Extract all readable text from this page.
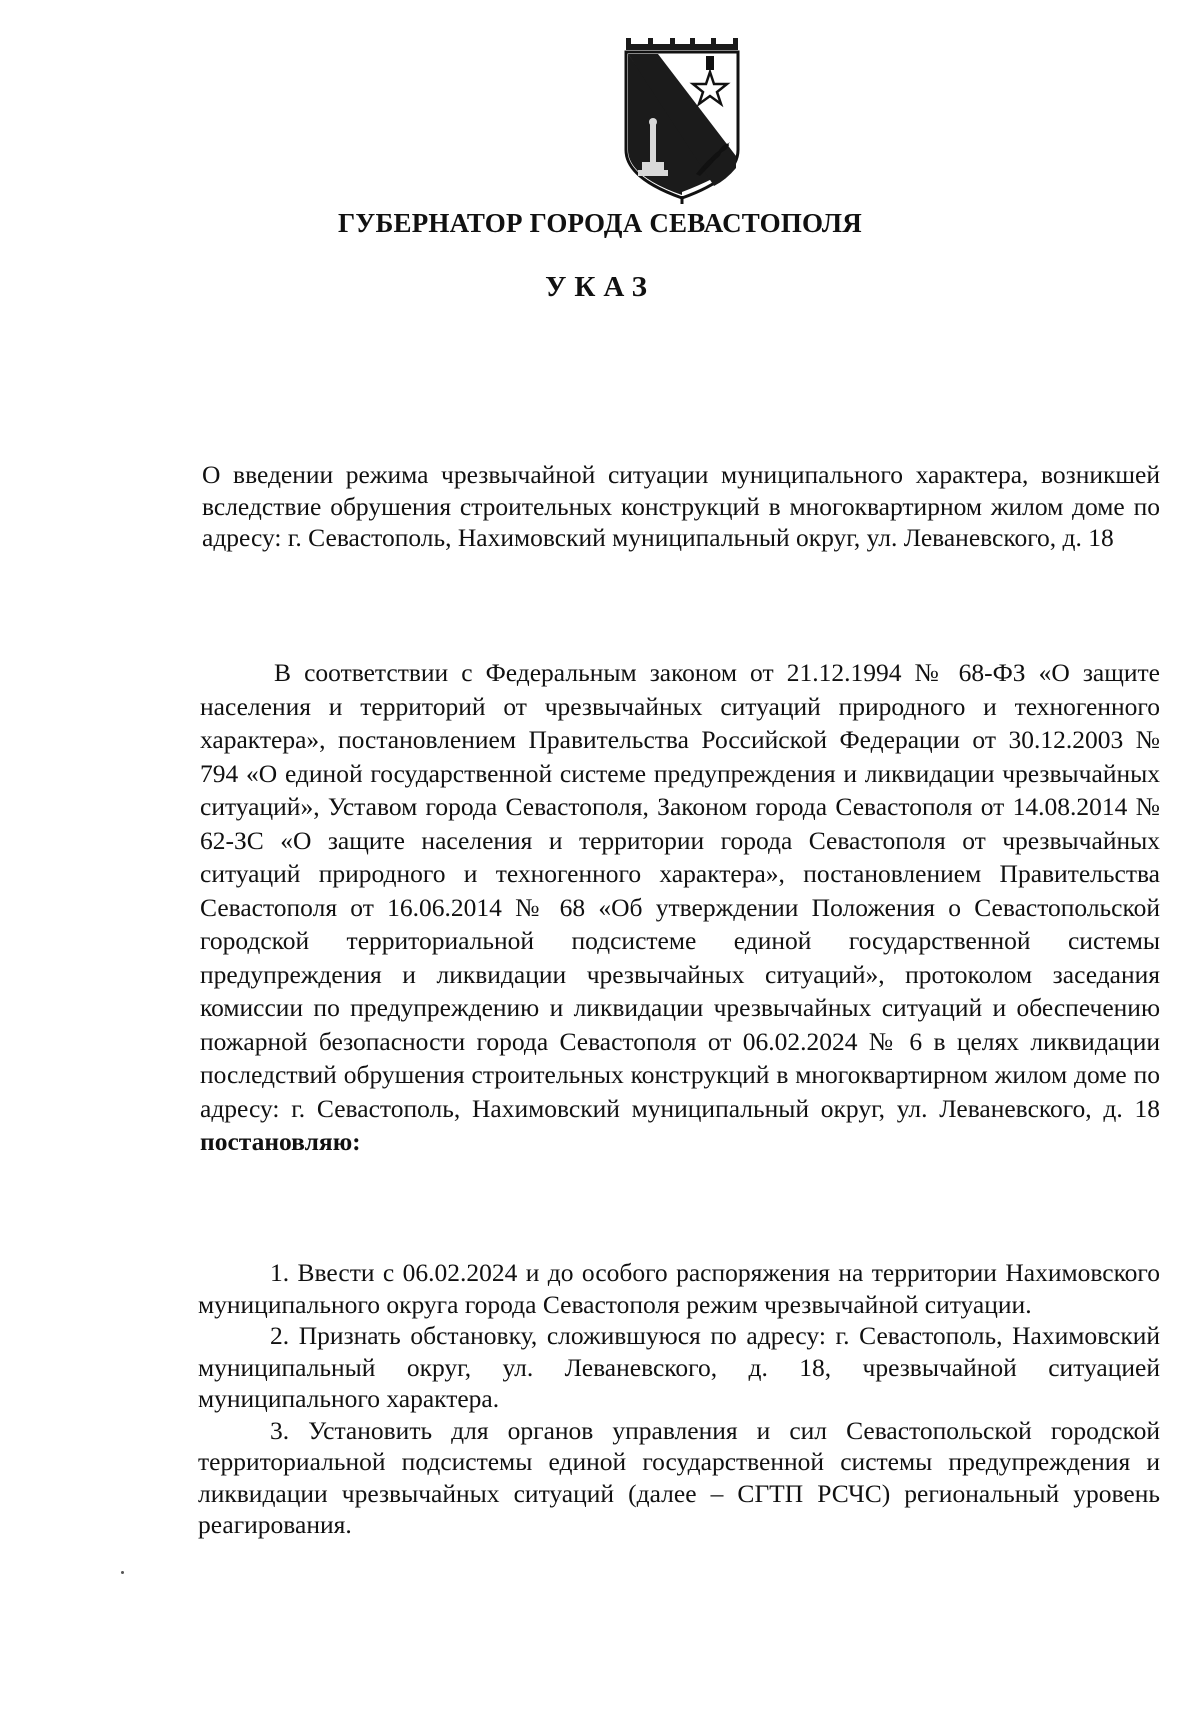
ГУБЕРНАТОР ГОРОДА СЕВАСТОПОЛЯ
УКАЗ
О введении режима чрезвычайной ситуации муниципального характера, возникшей вследствие обрушения строительных конструкций в многоквартирном жилом доме по адресу: г. Севастополь, Нахимовский муниципальный округ, ул. Леваневского, д. 18
В соответствии с Федеральным законом от 21.12.1994 № 68-ФЗ «О защите населения и территорий от чрезвычайных ситуаций природного и техногенного характера», постановлением Правительства Российской Федерации от 30.12.2003 № 794 «О единой государственной системе предупреждения и ликвидации чрезвычайных ситуаций», Уставом города Севастополя, Законом города Севастополя от 14.08.2014 № 62-ЗС «О защите населения и территории города Севастополя от чрезвычайных ситуаций природного и техногенного характера», постановлением Правительства Севастополя от 16.06.2014 № 68 «Об утверждении Положения о Севастопольской городской территориальной подсистеме единой государственной системы предупреждения и ликвидации чрезвычайных ситуаций», протоколом заседания комиссии по предупреждению и ликвидации чрезвычайных ситуаций и обеспечению пожарной безопасности города Севастополя от 06.02.2024 № 6 в целях ликвидации последствий обрушения строительных конструкций в многоквартирном жилом доме по адресу: г. Севастополь, Нахимовский муниципальный округ, ул. Леваневского, д. 18 постановляю:

1. Ввести с 06.02.2024 и до особого распоряжения на территории Нахимовского муниципального округа города Севастополя режим чрезвычайной ситуации.

2. Признать обстановку, сложившуюся по адресу: г. Севастополь, Нахимовский муниципальный округ, ул. Леваневского, д. 18, чрезвычайной ситуацией муниципального характера.

3. Установить для органов управления и сил Севастопольской городской территориальной подсистемы единой государственной системы предупреждения и ликвидации чрезвычайных ситуаций (далее – СГТП РСЧС) региональный уровень реагирования.
